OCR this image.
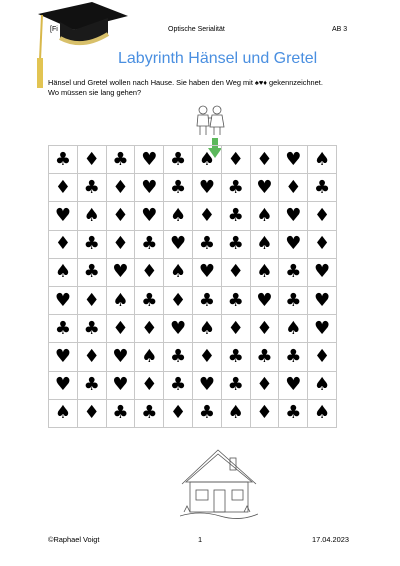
[Fi	Optische Serialität	AB 3
Labyrinth Hänsel und Gretel
Hänsel und Gretel wollen nach Hause. Sie haben den Weg mit ♠♥♦ gekennzeichnet.
Wo müssen sie lang gehen?
♣	♦	♣	♥	♣	♠	♦	♦	♥	♠
♦	♣	♦	♥	♣	♥	♣	♥	♦	♣
♥	♠	♦	♥	♠	♦	♣	♠	♥	♦
♦	♣	♦	♣	♥	♣	♣	♠	♥	♦
♠	♣	♥	♦	♠	♥	♦	♠	♣	♥
♥	♦	♠	♣	♦	♣	♣	♥	♣	♥
♣	♣	♦	♦	♥	♠	♦	♦	♠	♥
♥	♦	♥	♠	♣	♦	♣	♣	♣	♦
♥	♣	♥	♦	♣	♥	♣	♦	♥	♠
♠	♦	♣	♣	♦	♣	♠	♦	♣	♠
©Raphael Voigt	1	17.04.2023
